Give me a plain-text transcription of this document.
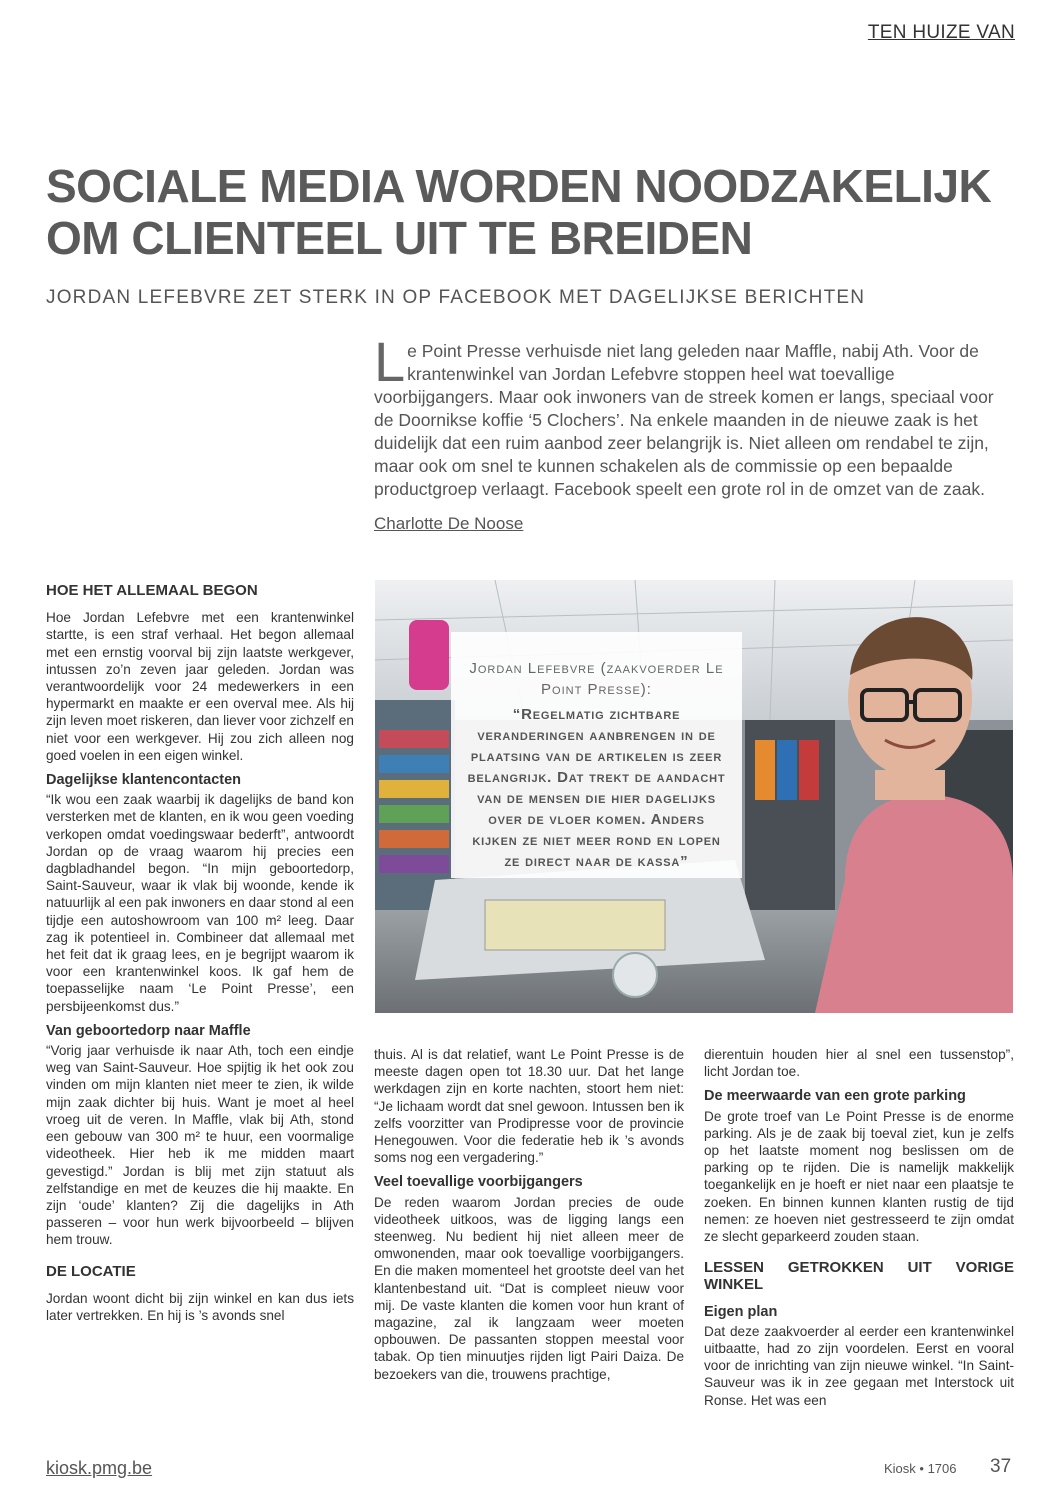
TEN HUIZE VAN
SOCIALE MEDIA WORDEN NOODZAKELIJK OM CLIENTEEL UIT TE BREIDEN
JORDAN LEFEBVRE ZET STERK IN OP FACEBOOK MET DAGELIJKSE BERICHTEN
L e Point Presse verhuisde niet lang geleden naar Maffle, nabij Ath. Voor de krantenwinkel van Jordan Lefebvre stoppen heel wat toevallige voorbijgangers. Maar ook inwoners van de streek komen er langs, speciaal voor de Doornikse koffie ‘5 Clochers’. Na enkele maanden in de nieuwe zaak is het duidelijk dat een ruim aanbod zeer belangrijk is. Niet alleen om rendabel te zijn, maar ook om snel te kunnen schakelen als de commissie op een bepaalde productgroep verlaagt. Facebook speelt een grote rol in de omzet van de zaak.
Charlotte De Noose
HOE HET ALLEMAAL BEGON

Hoe Jordan Lefebvre met een krantenwinkel startte, is een straf verhaal. Het begon allemaal met een ernstig voorval bij zijn laatste werkgever, intussen zo’n zeven jaar geleden. Jordan was verantwoordelijk voor 24 medewerkers in een hypermarkt en maakte er een overval mee. Als hij zijn leven moet riskeren, dan liever voor zichzelf en niet voor een werkgever. Hij zou zich alleen nog goed voelen in een eigen winkel.

Dagelijkse klantencontacten

“Ik wou een zaak waarbij ik dagelijks de band kon versterken met de klanten, en ik wou geen voeding verkopen omdat voedingswaar bederft”, antwoordt Jordan op de vraag waarom hij precies een dagbladhandel begon. “In mijn geboortedorp, Saint-Sauveur, waar ik vlak bij woonde, kende ik natuurlijk al een pak inwoners en daar stond al een tijdje een autoshowroom van 100 m² leeg. Daar zag ik potentieel in. Combineer dat allemaal met het feit dat ik graag lees, en je begrijpt waarom ik voor een krantenwinkel koos. Ik gaf hem de toepasselijke naam ‘Le Point Presse’, een persbijeenkomst dus.”

Van geboortedorp naar Maffle

“Vorig jaar verhuisde ik naar Ath, toch een eindje weg van Saint-Sauveur. Hoe spijtig ik het ook zou vinden om mijn klanten niet meer te zien, ik wilde mijn zaak dichter bij huis. Want je moet al heel vroeg uit de veren. In Maffle, vlak bij Ath, stond een gebouw van 300 m² te huur, een voormalige videotheek. Hier heb ik me midden maart gevestigd.” Jordan is blij met zijn statuut als zelfstandige en met de keuzes die hij maakte. En zijn ‘oude’ klanten? Zij die dagelijks in Ath passeren – voor hun werk bijvoorbeeld – blijven hem trouw.

DE LOCATIE

Jordan woont dicht bij zijn winkel en kan dus iets later vertrekken. En hij is ’s avonds snel

Jordan Lefebvre (zaakvoerder Le Point Presse):
“Regelmatig zichtbare veranderingen aanbrengen in de plaatsing van de artikelen is zeer belangrijk. Dat trekt de aandacht van de mensen die hier dagelijks over de vloer komen. Anders kijken ze niet meer rond en lopen ze direct naar de kassa”

thuis. Al is dat relatief, want Le Point Presse is de meeste dagen open tot 18.30 uur. Dat het lange werkdagen zijn en korte nachten, stoort hem niet: “Je lichaam wordt dat snel gewoon. Intussen ben ik zelfs voorzitter van Prodipresse voor de provincie Henegouwen. Voor die federatie heb ik ’s avonds soms nog een vergadering.”

Veel toevallige voorbijgangers

De reden waarom Jordan precies de oude videotheek uitkoos, was de ligging langs een steenweg. Nu bedient hij niet alleen meer de omwonenden, maar ook toevallige voorbijgangers. En die maken momenteel het grootste deel van het klantenbestand uit. “Dat is compleet nieuw voor mij. De vaste klanten die komen voor hun krant of magazine, zal ik langzaam weer moeten opbouwen. De passanten stoppen meestal voor tabak. Op tien minuutjes rijden ligt Pairi Daiza. De bezoekers van die, trouwens prachtige,

dierentuin houden hier al snel een tussenstop”, licht Jordan toe.

De meerwaarde van een grote parking

De grote troef van Le Point Presse is de enorme parking. Als je de zaak bij toeval ziet, kun je zelfs op het laatste moment nog beslissen om de parking op te rijden. Die is namelijk makkelijk toegankelijk en je hoeft er niet naar een plaatsje te zoeken. En binnen kunnen klanten rustig de tijd nemen: ze hoeven niet gestresseerd te zijn omdat ze slecht geparkeerd zouden staan.

LESSEN GETROKKEN UIT VORIGE WINKEL
Eigen plan

Dat deze zaakvoerder al eerder een krantenwinkel uitbaatte, had zo zijn voordelen. Eerst en vooral voor de inrichting van zijn nieuwe winkel. “In Saint-Sauveur was ik in zee gegaan met Interstock uit Ronse. Het was een

kiosk.pmg.be	Kiosk • 1706 37
